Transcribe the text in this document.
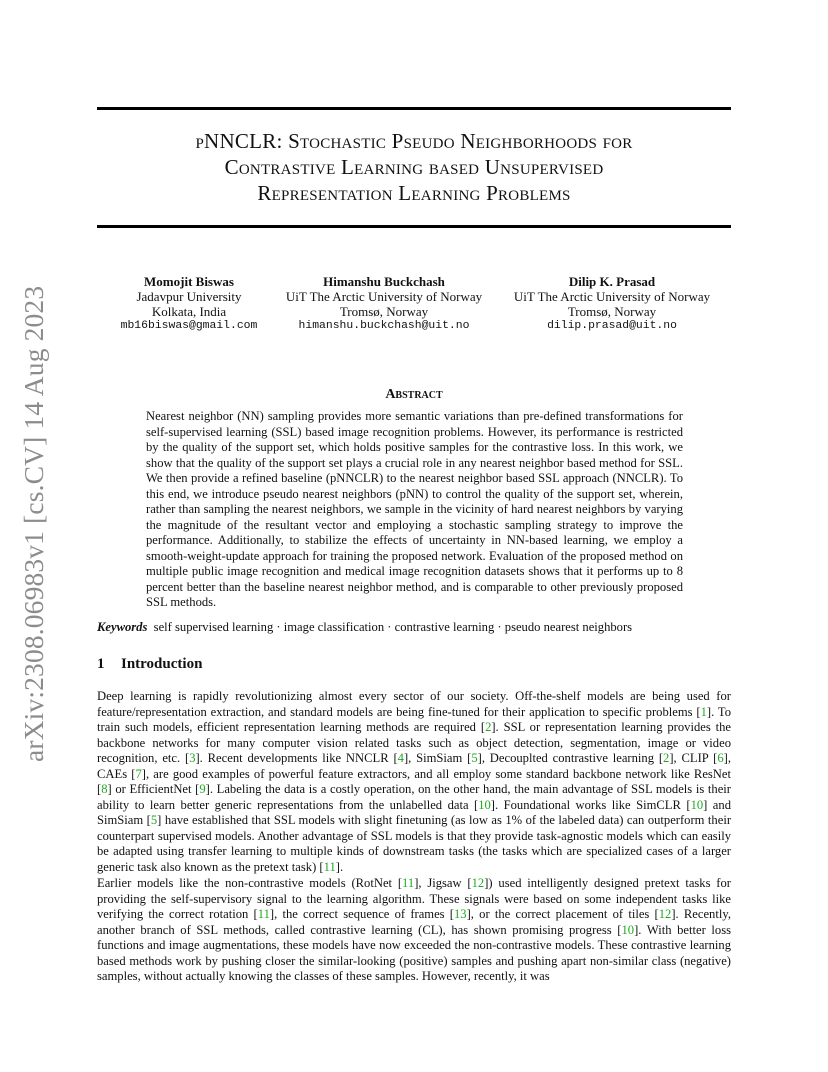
arXiv:2308.06983v1 [cs.CV] 14 Aug 2023
pNNCLR: Stochastic Pseudo Neighborhoods for
Contrastive Learning based Unsupervised
Representation Learning Problems
Momojit Biswas
Jadavpur University
Kolkata, India
mb16biswas@gmail.com
Himanshu Buckchash
UiT The Arctic University of Norway
Tromsø, Norway
himanshu.buckchash@uit.no
Dilip K. Prasad
UiT The Arctic University of Norway
Tromsø, Norway
dilip.prasad@uit.no
Abstract
Nearest neighbor (NN) sampling provides more semantic variations than pre-defined transformations for self-supervised learning (SSL) based image recognition problems. However, its performance is restricted by the quality of the support set, which holds positive samples for the contrastive loss. In this work, we show that the quality of the support set plays a crucial role in any nearest neighbor based method for SSL. We then provide a refined baseline (pNNCLR) to the nearest neighbor based SSL approach (NNCLR). To this end, we introduce pseudo nearest neighbors (pNN) to control the quality of the support set, wherein, rather than sampling the nearest neighbors, we sample in the vicinity of hard nearest neighbors by varying the magnitude of the resultant vector and employing a stochastic sampling strategy to improve the performance. Additionally, to stabilize the effects of uncertainty in NN-based learning, we employ a smooth-weight-update approach for training the proposed network. Evaluation of the proposed method on multiple public image recognition and medical image recognition datasets shows that it performs up to 8 percent better than the baseline nearest neighbor method, and is comparable to other previously proposed SSL methods.
Keywords self supervised learning · image classification · contrastive learning · pseudo nearest neighbors
1 Introduction

Deep learning is rapidly revolutionizing almost every sector of our society. Off-the-shelf models are being used for feature/representation extraction, and standard models are being fine-tuned for their application to specific problems [1]. To train such models, efficient representation learning methods are required [2]. SSL or representation learning provides the backbone networks for many computer vision related tasks such as object detection, segmentation, image or video recognition, etc. [3]. Recent developments like NNCLR [4], SimSiam [5], Decouplted contrastive learning [2], CLIP [6], CAEs [7], are good examples of powerful feature extractors, and all employ some standard backbone network like ResNet [8] or EfficientNet [9]. Labeling the data is a costly operation, on the other hand, the main advantage of SSL models is their ability to learn better generic representations from the unlabelled data [10]. Foundational works like SimCLR [10] and SimSiam [5] have established that SSL models with slight finetuning (as low as 1% of the labeled data) can outperform their counterpart supervised models. Another advantage of SSL models is that they provide task-agnostic models which can easily be adapted using transfer learning to multiple kinds of downstream tasks (the tasks which are specialized cases of a larger generic task also known as the pretext task) [11].

Earlier models like the non-contrastive models (RotNet [11], Jigsaw [12]) used intelligently designed pretext tasks for providing the self-supervisory signal to the learning algorithm. These signals were based on some independent tasks like verifying the correct rotation [11], the correct sequence of frames [13], or the correct placement of tiles [12]. Recently, another branch of SSL methods, called contrastive learning (CL), has shown promising progress [10]. With better loss functions and image augmentations, these models have now exceeded the non-contrastive models. These contrastive learning based methods work by pushing closer the similar-looking (positive) samples and pushing apart non-similar class (negative) samples, without actually knowing the classes of these samples. However, recently, it was
